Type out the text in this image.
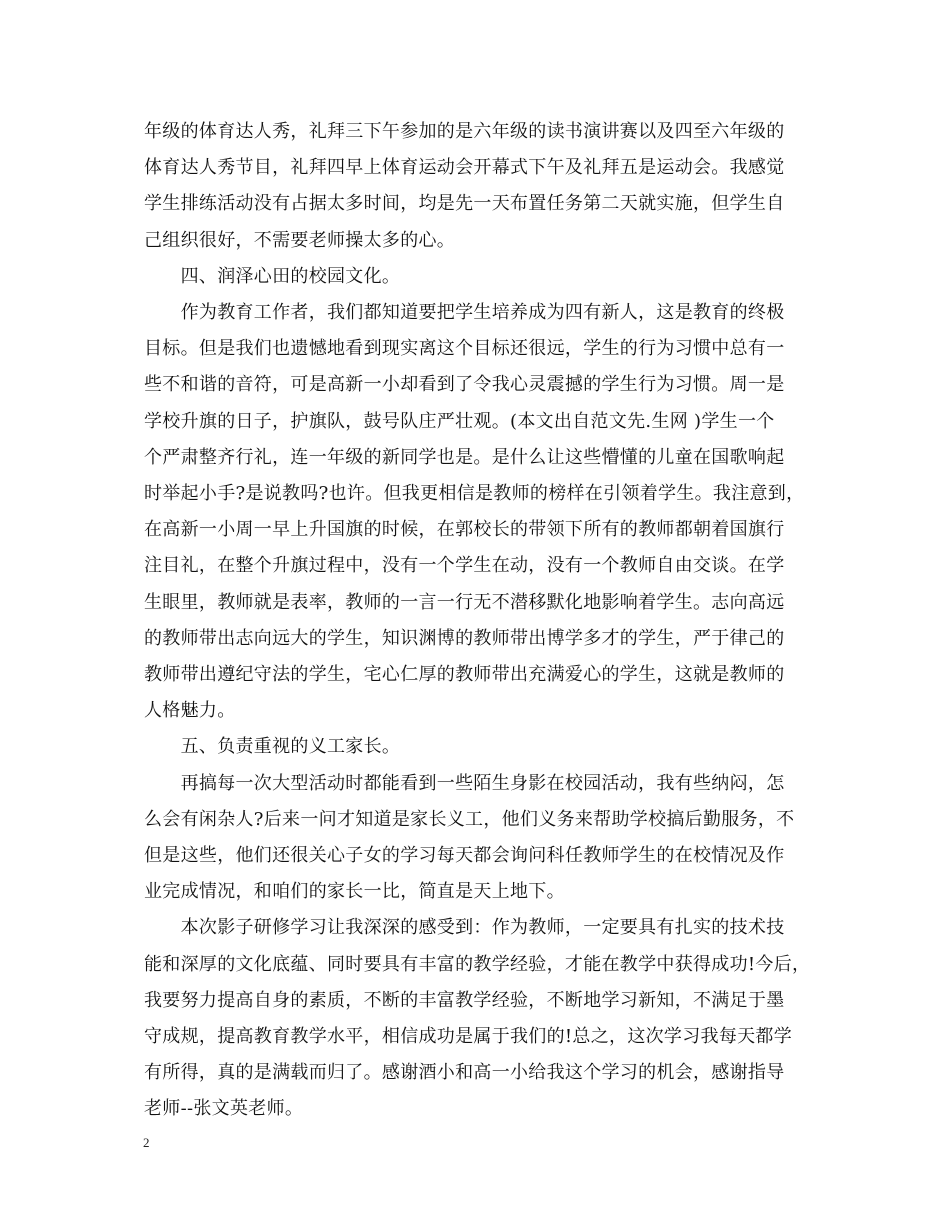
年级的体育达人秀，礼拜三下午参加的是六年级的读书演讲赛以及四至六年级的
体育达人秀节目，礼拜四早上体育运动会开幕式下午及礼拜五是运动会。我感觉
学生排练活动没有占据太多时间，均是先一天布置任务第二天就实施，但学生自
己组织很好，不需要老师操太多的心。
　　四、润泽心田的校园文化。
　　作为教育工作者，我们都知道要把学生培养成为四有新人，这是教育的终极
目标。但是我们也遗憾地看到现实离这个目标还很远，学生的行为习惯中总有一
些不和谐的音符，可是高新一小却看到了令我心灵震撼的学生行为习惯。周一是
学校升旗的日子，护旗队，鼓号队庄严壮观。(本文出自范文先.生网 )学生一个
个严肃整齐行礼，连一年级的新同学也是。是什么让这些懵懂的儿童在国歌响起
时举起小手?是说教吗?也许。但我更相信是教师的榜样在引领着学生。我注意到，
在高新一小周一早上升国旗的时候，在郭校长的带领下所有的教师都朝着国旗行
注目礼，在整个升旗过程中，没有一个学生在动，没有一个教师自由交谈。在学
生眼里，教师就是表率，教师的一言一行无不潜移默化地影响着学生。志向高远
的教师带出志向远大的学生，知识渊博的教师带出博学多才的学生，严于律己的
教师带出遵纪守法的学生，宅心仁厚的教师带出充满爱心的学生，这就是教师的
人格魅力。
　　五、负责重视的义工家长。
　　再搞每一次大型活动时都能看到一些陌生身影在校园活动，我有些纳闷，怎
么会有闲杂人?后来一问才知道是家长义工，他们义务来帮助学校搞后勤服务，不
但是这些，他们还很关心子女的学习每天都会询问科任教师学生的在校情况及作
业完成情况，和咱们的家长一比，简直是天上地下。
　　本次影子研修学习让我深深的感受到：作为教师，一定要具有扎实的技术技
能和深厚的文化底蕴、同时要具有丰富的教学经验，才能在教学中获得成功!今后，
我要努力提高自身的素质，不断的丰富教学经验，不断地学习新知，不满足于墨
守成规，提高教育教学水平，相信成功是属于我们的!总之，这次学习我每天都学
有所得，真的是满载而归了。感谢酒小和高一小给我这个学习的机会，感谢指导
老师--张文英老师。
2
